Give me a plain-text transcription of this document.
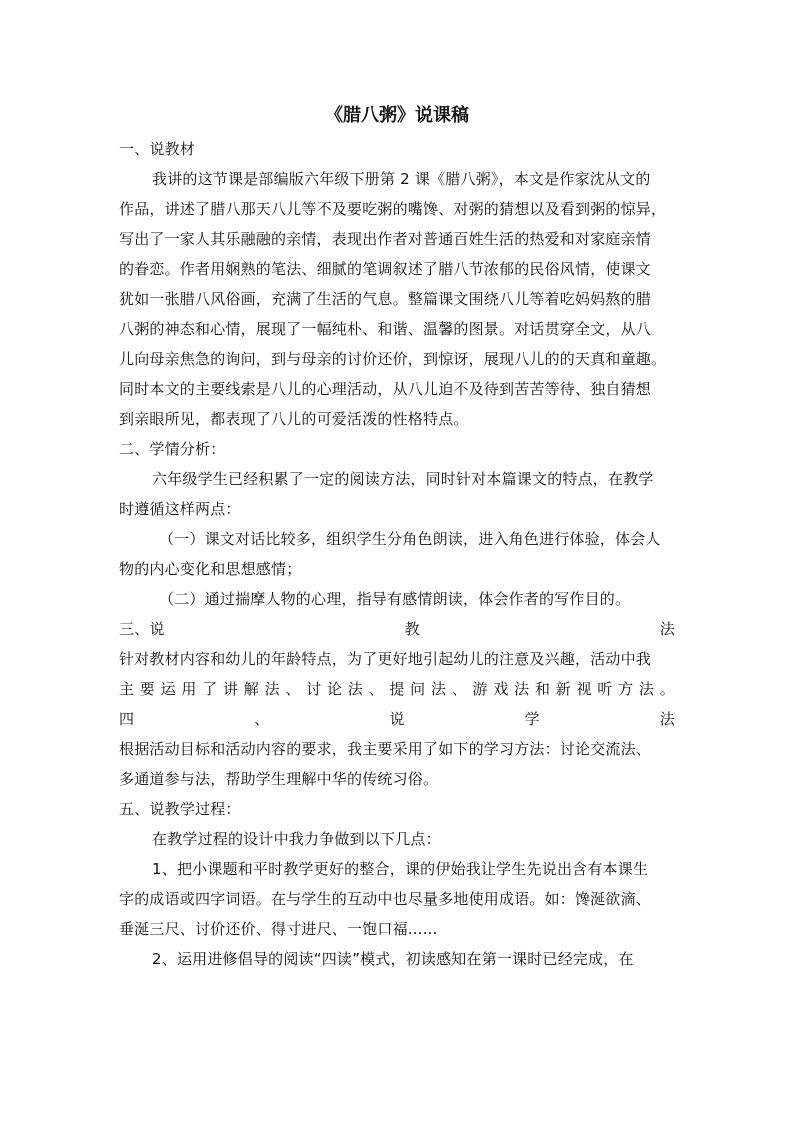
《腊八粥》说课稿
一、说教材
我讲的这节课是部编版六年级下册第 2 课《腊八粥》，本文是作家沈从文的
作品，讲述了腊八那天八儿等不及要吃粥的嘴馋、对粥的猜想以及看到粥的惊异，
写出了一家人其乐融融的亲情，表现出作者对普通百姓生活的热爱和对家庭亲情
的眷恋。作者用娴熟的笔法、细腻的笔调叙述了腊八节浓郁的民俗风情，使课文
犹如一张腊八风俗画，充满了生活的气息。整篇课文围绕八儿等着吃妈妈熬的腊
八粥的神态和心情，展现了一幅纯朴、和谐、温馨的图景。对话贯穿全文，从八
儿向母亲焦急的询问，到与母亲的讨价还价，到惊讶，展现八儿的的天真和童趣。
同时本文的主要线索是八儿的心理活动，从八儿迫不及待到苦苦等待、独自猜想
到亲眼所见，都表现了八儿的可爱活泼的性格特点。
二、学情分析：
六年级学生已经积累了一定的阅读方法，同时针对本篇课文的特点，在教学
时遵循这样两点：
（一）课文对话比较多，组织学生分角色朗读，进入角色进行体验，体会人
物的内心变化和思想感情；
（二）通过揣摩人物的心理，指导有感情朗读，体会作者的写作目的。
三、说	教	法
针对教材内容和幼儿的年龄特点，为了更好地引起幼儿的注意及兴趣，活动中我
主 要 运 用 了 讲 解 法 、 讨 论 法 、 提 问 法 、 游 戏 法 和 新 视 听 方 法 。
四	、	说	学	法
根据活动目标和活动内容的要求，我主要采用了如下的学习方法：讨论交流法、
多通道参与法，帮助学生理解中华的传统习俗。
五、说教学过程：
在教学过程的设计中我力争做到以下几点：
1、把小课题和平时教学更好的整合，课的伊始我让学生先说出含有本课生
字的成语或四字词语。在与学生的互动中也尽量多地使用成语。如：馋涎欲滴、
垂涎三尺、讨价还价、得寸进尺、一饱口福......
2、运用进修倡导的阅读“四读”模式，初读感知在第一课时已经完成，在
